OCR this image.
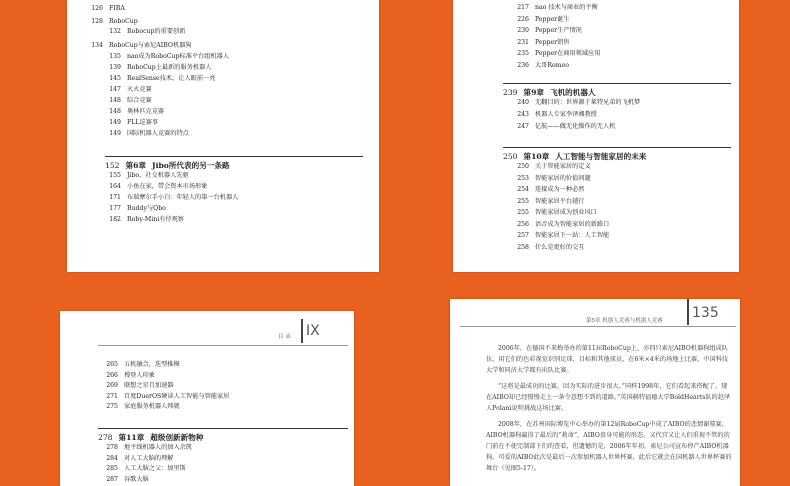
126 FIRA
128 RoboCup
132 Robocup的重要创新
134 RoboCup与索尼AIBO机器狗
135 nao成为RoboCup标准平台组机器人
139 RoboCup上最新的服务机器人
145 RealSense技术，让人眼前一亮
147 灭火竞赛
148 综合竞赛
148 奥林匹克竞赛
149 FLL巡赛事
149 国际机器人竞赛的特点
152 第6章 Jibo所代表的另一条路
155 Jibo，社交机器人先驱
164 小鱼在家，带会资本市场形象
171 布瑞摩尔手小白：年轻人的第一台机器人
177 Buddy与Qbo
182 Roby-Mini有待观察
217 nao 技术与商业的平衡
226 Pepper诞生
230 Pepper生产情况
231 Pepper销售
235 Pepper在商用领域应用
236 大哥Romeo
239 第9章 飞机的机器人
240 无翻目的：世界源于莱特兄弟的飞机梦
243 机器人专家李泽湘教授
247 亿航——做无化操作的无人机
250 第10章 人工智能与智能家居的未来
250 关于智能家居的定义
253 智能家居的价值问题
254 连接成为一种必然
255 智能家居平台越行
255 智能家居成为创业风口
256 语音成为智能家居的新路口
257 智能家居下一站：人工智能
258 什么是更好的交互
目 录 IX
265 五机融合，迭型推模
266 搜登人印象
269 联想之星且加速器
271 百度DuerOS硬读人工智能与智能家居
275 家庭服务机器人师就
278 第11章 超级创新新物种
278 地平线机器人的加入余凯
284 对人工大脑的理解
285 人工大脑之父：加里斯
287 谷歌大脑
第5章 机器人竞赛与机器人竞赛 135

2006年，在德国不来梅举办的第11届RoboCup上，亦四只索尼AIBO机器狗组成队伍，用它们的色彩视觉识别足球、目标和其他球员，在6米×4米的场地上比赛，中国科技大学和同济大学都有出队比赛。

“这将是最成功的比赛，因为实际的进步很大。”同样1998年，它们看起来搭配了，现在AIBO却已经慢慢走上一条令意想不到的道路。”英国赫特福德大学BoldHearts队的赵泽人Polani说明挑战这场比赛。

2008年，在苏州国际博览中心举办的第12届RoboCup中成了AIBO的悲情谢幕赛，AIBO机器狗赢得了最后的“救命”，AIBO贵身可能的形态，又代宫又让人们重视不管的的门前在不使完制部下们的查看，但遗憾的是，2006年年初，索尼公司宣布停产AIBO机器狗，可爱的AIBO此次是最后一次参加机器人世界杯赛，此后它就会在国机器人世界杯赛的舞台（见图5-17）。
